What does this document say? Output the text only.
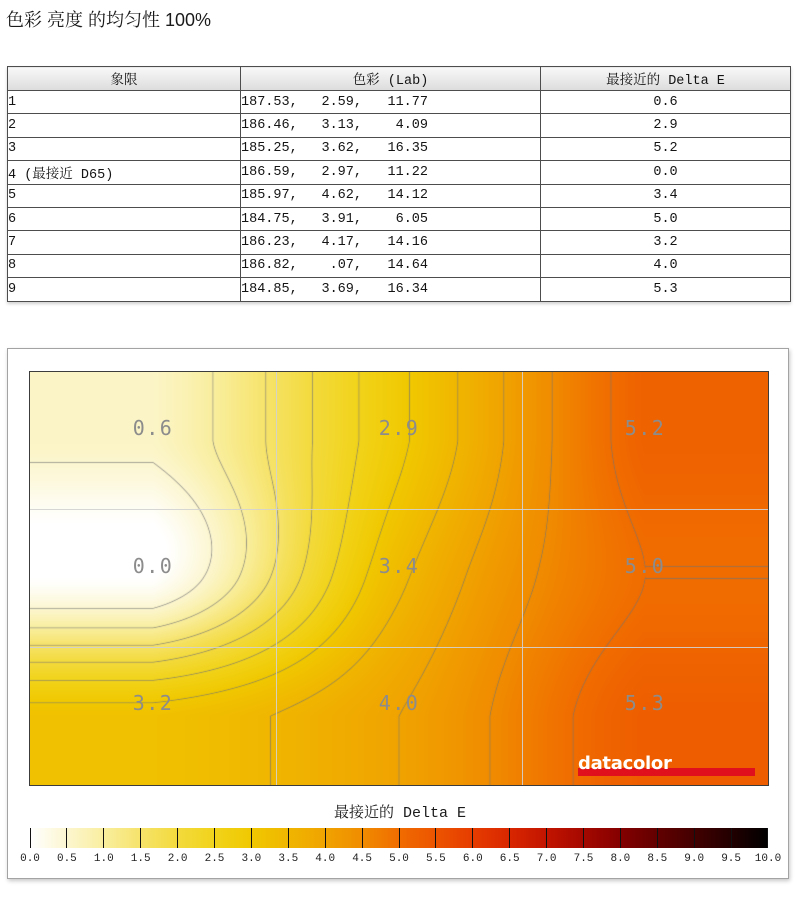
色彩 亮度 的均匀性 100%
象限	色彩 (Lab)	最接近的 Delta E
1	187.53, 2.59, 11.77	0.6
2	186.46, 3.13, 4.09	2.9
3	185.25, 3.62, 16.35	5.2
4 (最接近 D65)	186.59, 2.97, 11.22	0.0
5	185.97, 4.62, 14.12	3.4
6	184.75, 3.91, 6.05	5.0
7	186.23, 4.17, 14.16	3.2
8	186.82, .07, 14.64	4.0
9	184.85, 3.69, 16.34	5.3
datacolor
0.6	2.9	5.2
0.0	3.4	5.0
3.2	4.0	5.3
最接近的 Delta E
0.0 0.5 1.0 1.5 2.0 2.5 3.0 3.5 4.0 4.5 5.0 5.5 6.0 6.5 7.0 7.5 8.0 8.5 9.0 9.5 10.0
